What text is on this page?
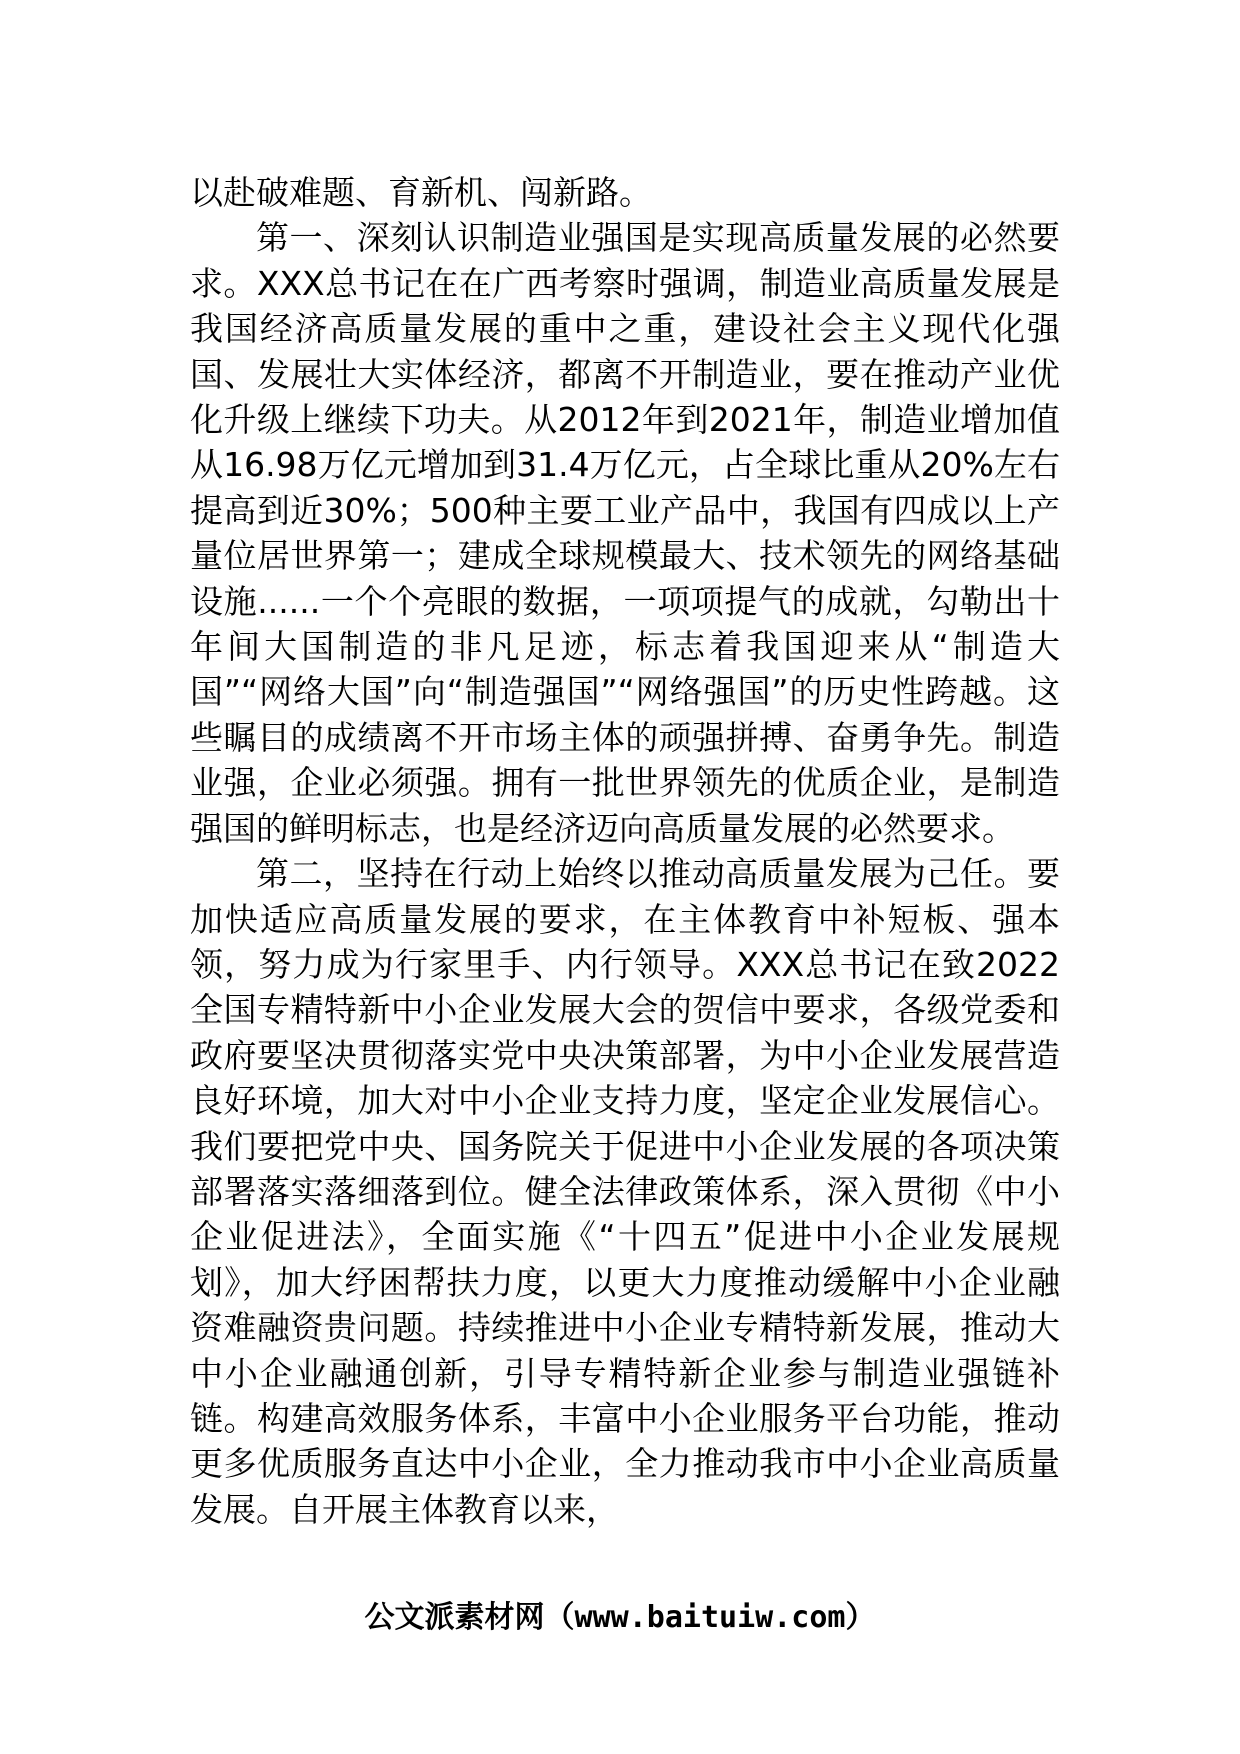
以赴破难题、育新机、闯新路。

第一、深刻认识制造业强国是实现高质量发展的必然要求。XXX总书记在在广西考察时强调，制造业高质量发展是我国经济高质量发展的重中之重，建设社会主义现代化强国、发展壮大实体经济，都离不开制造业，要在推动产业优化升级上继续下功夫。从2012年到2021年，制造业增加值从16.98万亿元增加到31.4万亿元，占全球比重从20%左右提高到近30%；500种主要工业产品中，我国有四成以上产量位居世界第一；建成全球规模最大、技术领先的网络基础设施......一个个亮眼的数据，一项项提气的成就，勾勒出十年间大国制造的非凡足迹，标志着我国迎来从“制造大国”“网络大国”向“制造强国”“网络强国”的历史性跨越。这些瞩目的成绩离不开市场主体的顽强拼搏、奋勇争先。制造业强，企业必须强。拥有一批世界领先的优质企业，是制造强国的鲜明标志，也是经济迈向高质量发展的必然要求。

第二，坚持在行动上始终以推动高质量发展为己任。要加快适应高质量发展的要求，在主体教育中补短板、强本领，努力成为行家里手、内行领导。XXX总书记在致2022全国专精特新中小企业发展大会的贺信中要求，各级党委和政府要坚决贯彻落实党中央决策部署，为中小企业发展营造良好环境，加大对中小企业支持力度，坚定企业发展信心。我们要把党中央、国务院关于促进中小企业发展的各项决策部署落实落细落到位。健全法律政策体系，深入贯彻《中小企业促进法》，全面实施《“十四五”促进中小企业发展规划》，加大纾困帮扶力度，以更大力度推动缓解中小企业融资难融资贵问题。持续推进中小企业专精特新发展，推动大中小企业融通创新，引导专精特新企业参与制造业强链补链。构建高效服务体系，丰富中小企业服务平台功能，推动更多优质服务直达中小企业，全力推动我市中小企业高质量发展。自开展主体教育以来，

公文派素材网（www.baituiw.com）
